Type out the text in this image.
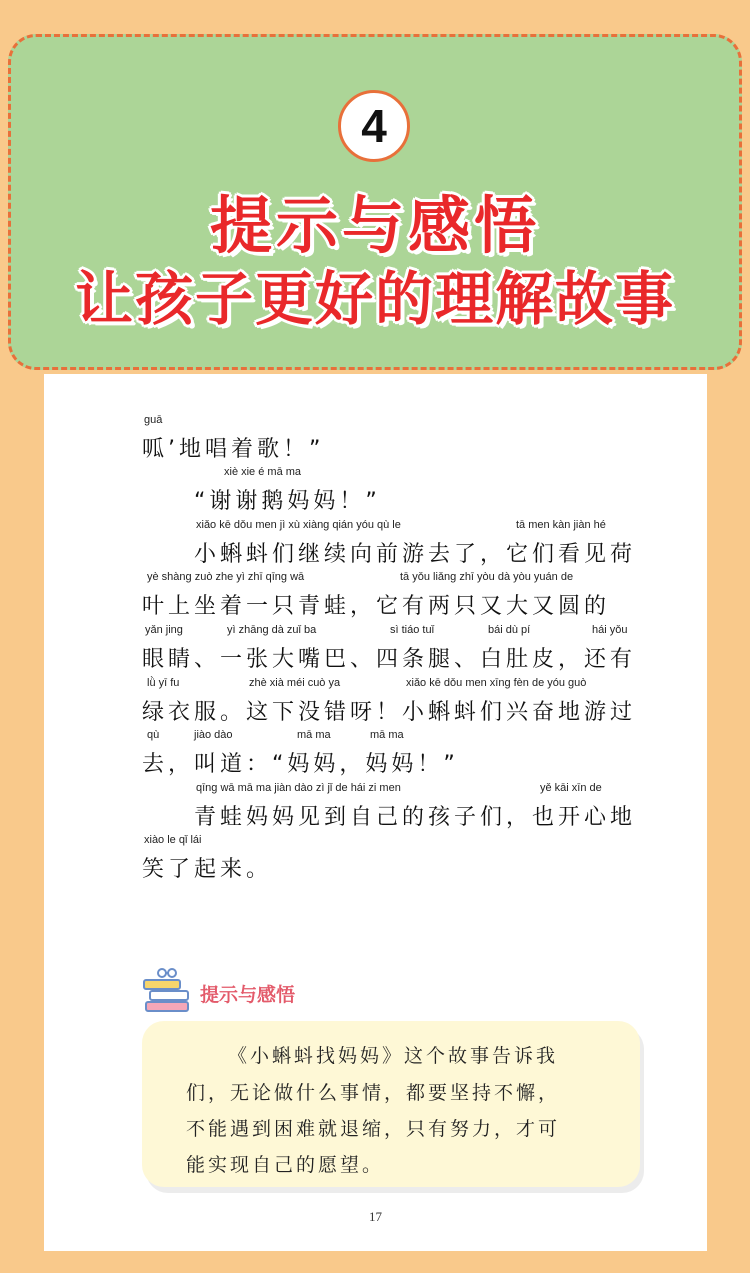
4
提示与感悟
让孩子更好的理解故事
guā
呱’地唱着歌！”
xiè xie é mā ma
“谢谢鹅妈妈！”
xiǎo kē dǒu men jì xù xiàng qián yóu qù le	tā men kàn jiàn hé
小蝌蚪们继续向前游去了，它们看见荷
yè shàng zuò zhe yì zhī qīng wā	tā yǒu liǎng zhī yòu dà yòu yuán de
叶上坐着一只青蛙，它有两只又大又圆的
yǎn jing	yì zhāng dà zuǐ ba	sì tiáo tuǐ	bái dù pí	hái yǒu
眼睛、一张大嘴巴、四条腿、白肚皮，还有
lǜ yī fu	zhè xià méi cuò ya	xiǎo kē dǒu men xīng fèn de yóu guò
绿衣服。这下没错呀！小蝌蚪们兴奋地游过
qù	jiào dào	mā ma	mā ma
去，叫道：“妈妈，妈妈！”
qīng wā mā ma jiàn dào zì jǐ de hái zi men	yě kāi xīn de
青蛙妈妈见到自己的孩子们，也开心地
xiào le qǐ lái
笑了起来。
提示与感悟
《小蝌蚪找妈妈》这个故事告诉我
们，无论做什么事情，都要坚持不懈，
不能遇到困难就退缩，只有努力，才可
能实现自己的愿望。
17
